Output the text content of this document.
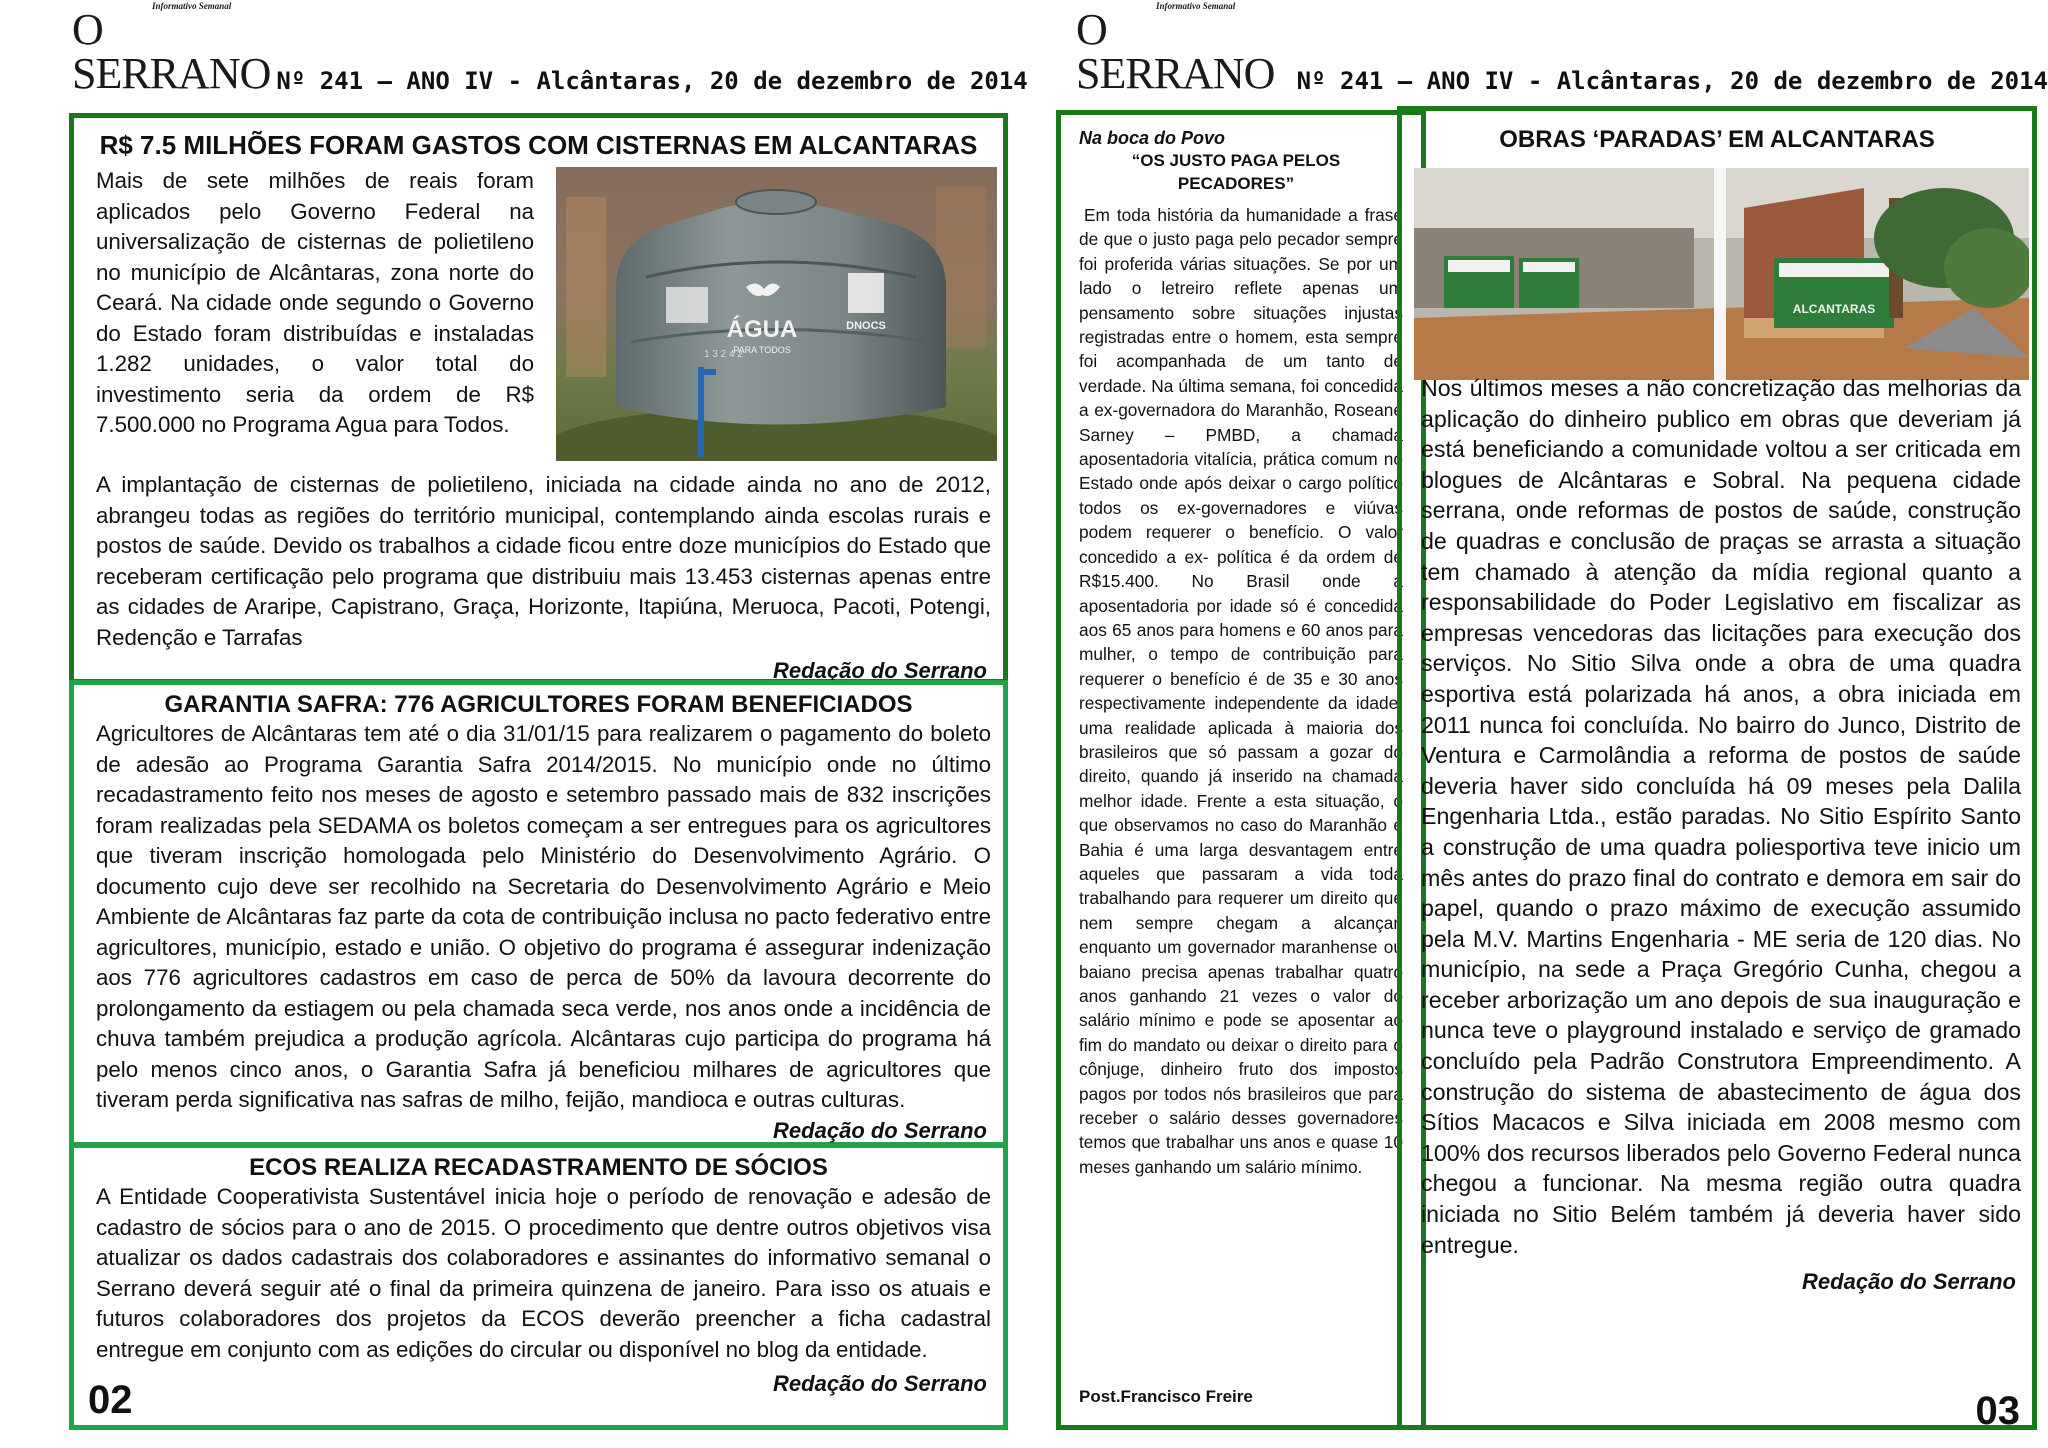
Informativo Semanal
O SERRANO Nº 241 – ANO IV - Alcântaras, 20 de dezembro de 2014
R$ 7.5 MILHÕES FORAM GASTOS COM CISTERNAS EM ALCANTARAS

Mais de sete milhões de reais foram aplicados pelo Governo Federal na universalização de cisternas de polietileno no município de Alcântaras, zona norte do Ceará. Na cidade onde segundo o Governo do Estado foram distribuídas e instaladas 1.282 unidades, o valor total do investimento seria da ordem de R$ 7.500.000 no Programa Agua para Todos.

ÁGUA
PARA TODOS
DNOCS
1 3 2 4 2

A implantação de cisternas de polietileno, iniciada na cidade ainda no ano de 2012, abrangeu todas as regiões do território municipal, contemplando ainda escolas rurais e postos de saúde. Devido os trabalhos a cidade ficou entre doze municípios do Estado que receberam certificação pelo programa que distribuiu mais 13.453 cisternas apenas entre as cidades de Araripe, Capistrano, Graça, Horizonte, Itapiúna, Meruoca, Pacoti, Potengi, Redenção e Tarrafas

Redação do Serrano

GARANTIA SAFRA: 776 AGRICULTORES FORAM BENEFICIADOS

Agricultores de Alcântaras tem até o dia 31/01/15 para realizarem o pagamento do boleto de adesão ao Programa Garantia Safra 2014/2015. No município onde no último recadastramento feito nos meses de agosto e setembro passado mais de 832 inscrições foram realizadas pela SEDAMA os boletos começam a ser entregues para os agricultores que tiveram inscrição homologada pelo Ministério do Desenvolvimento Agrário. O documento cujo deve ser recolhido na Secretaria do Desenvolvimento Agrário e Meio Ambiente de Alcântaras faz parte da cota de contribuição inclusa no pacto federativo entre agricultores, município, estado e união. O objetivo do programa é assegurar indenização aos 776 agricultores cadastros em caso de perca de 50% da lavoura decorrente do prolongamento da estiagem ou pela chamada seca verde, nos anos onde a incidência de chuva também prejudica a produção agrícola. Alcântaras cujo participa do programa há pelo menos cinco anos, o Garantia Safra já beneficiou milhares de agricultores que tiveram perda significativa nas safras de milho, feijão, mandioca e outras culturas.

Redação do Serrano

ECOS REALIZA RECADASTRAMENTO DE SÓCIOS

A Entidade Cooperativista Sustentável inicia hoje o período de renovação e adesão de cadastro de sócios para o ano de 2015. O procedimento que dentre outros objetivos visa atualizar os dados cadastrais dos colaboradores e assinantes do informativo semanal o Serrano deverá seguir até o final da primeira quinzena de janeiro. Para isso os atuais e futuros colaboradores dos projetos da ECOS deverão preencher a ficha cadastral entregue em conjunto com as edições do circular ou disponível no blog da entidade.

Redação do Serrano

02
Informativo Semanal
O SERRANO Nº 241 – ANO IV - Alcântaras, 20 de dezembro de 2014
Na boca do Povo
“OS JUSTO PAGA PELOS PECADORES”

Em toda história da humanidade a frase de que o justo paga pelo pecador sempre foi proferida várias situações. Se por um lado o letreiro reflete apenas um pensamento sobre situações injustas registradas entre o homem, esta sempre foi acompanhada de um tanto de verdade. Na última semana, foi concedida a ex-governadora do Maranhão, Roseane Sarney – PMBD, a chamada aposentadoria vitalícia, prática comum no Estado onde após deixar o cargo político todos os ex-governadores e viúvas podem requerer o benefício. O valor concedido a ex- política é da ordem de R$15.400. No Brasil onde a aposentadoria por idade só é concedida aos 65 anos para homens e 60 anos para mulher, o tempo de contribuição para requerer o benefício é de 35 e 30 anos respectivamente independente da idade, uma realidade aplicada à maioria dos brasileiros que só passam a gozar do direito, quando já inserido na chamada melhor idade. Frente a esta situação, o que observamos no caso do Maranhão e Bahia é uma larga desvantagem entre aqueles que passaram a vida toda trabalhando para requerer um direito que nem sempre chegam a alcançar, enquanto um governador maranhense ou baiano precisa apenas trabalhar quatro anos ganhando 21 vezes o valor do salário mínimo e pode se aposentar ao fim do mandato ou deixar o direito para o cônjuge, dinheiro fruto dos impostos pagos por todos nós brasileiros que para receber o salário desses governadores temos que trabalhar uns anos e quase 10 meses ganhando um salário mínimo.

Post.Francisco Freire
OBRAS ‘PARADAS’ EM ALCANTARAS
ALCANTARAS

Nos últimos meses a não concretização das melhorias da aplicação do dinheiro publico em obras que deveriam já está beneficiando a comunidade voltou a ser criticada em blogues de Alcântaras e Sobral. Na pequena cidade serrana, onde reformas de postos de saúde, construção de quadras e conclusão de praças se arrasta a situação tem chamado à atenção da mídia regional quanto a responsabilidade do Poder Legislativo em fiscalizar as empresas vencedoras das licitações para execução dos serviços. No Sitio Silva onde a obra de uma quadra esportiva está polarizada há anos, a obra iniciada em 2011 nunca foi concluída. No bairro do Junco, Distrito de Ventura e Carmolândia a reforma de postos de saúde deveria haver sido concluída há 09 meses pela Dalila Engenharia Ltda., estão paradas. No Sitio Espírito Santo a construção de uma quadra poliesportiva teve inicio um mês antes do prazo final do contrato e demora em sair do papel, quando o prazo máximo de execução assumido pela M.V. Martins Engenharia - ME seria de 120 dias. No município, na sede a Praça Gregório Cunha, chegou a receber arborização um ano depois de sua inauguração e nunca teve o playground instalado e serviço de gramado concluído pela Padrão Construtora Empreendimento. A construção do sistema de abastecimento de água dos Sítios Macacos e Silva iniciada em 2008 mesmo com 100% dos recursos liberados pelo Governo Federal nunca chegou a funcionar. Na mesma região outra quadra iniciada no Sitio Belém também já deveria haver sido entregue.

Redação do Serrano

03
